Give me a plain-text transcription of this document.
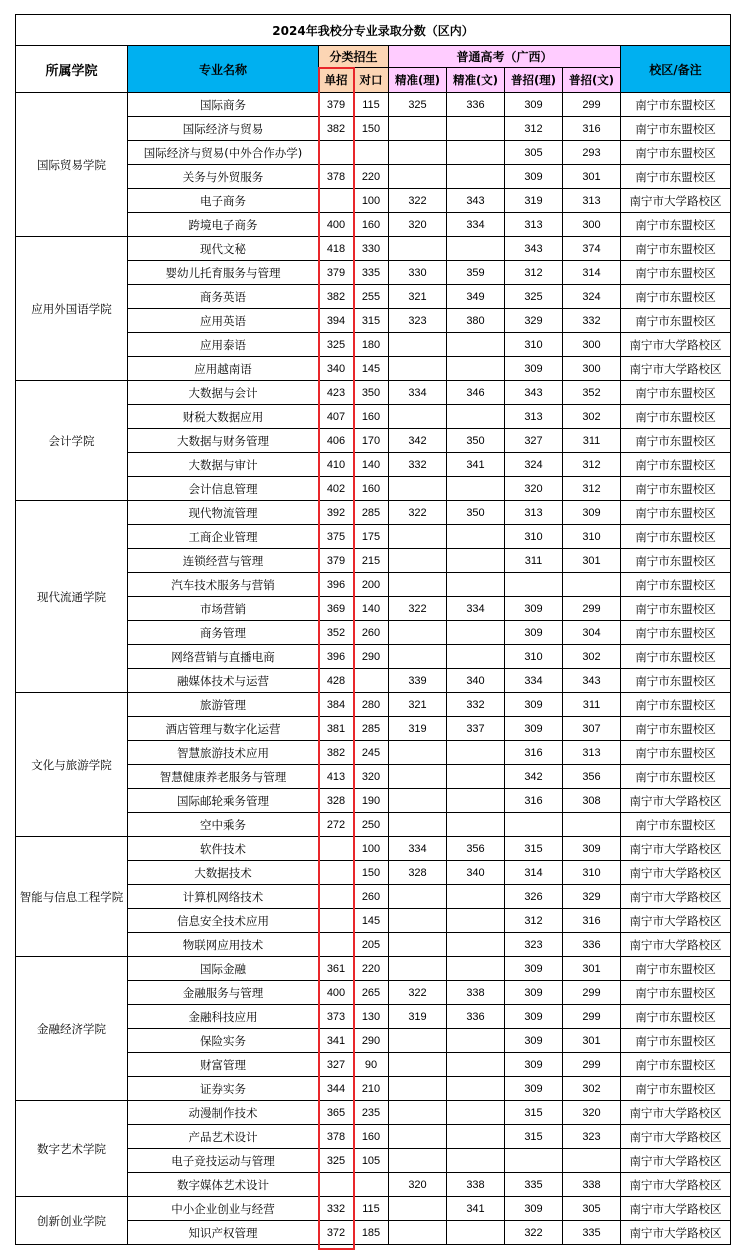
2024年我校分专业录取分数（区内）								
所属学院	专业名称	分类招生		普通高考（广西）				校区/备注
		单招	对口	精准(理)	精准(文)	普招(理)	普招(文)	
国际贸易学院	国际商务	379	115	325	336	309	299	南宁市东盟校区
	国际经济与贸易	382	150			312	316	南宁市东盟校区
	国际经济与贸易(中外合作办学)					305	293	南宁市东盟校区
	关务与外贸服务	378	220			309	301	南宁市东盟校区
	电子商务		100	322	343	319	313	南宁市大学路校区
	跨境电子商务	400	160	320	334	313	300	南宁市东盟校区
应用外国语学院	现代文秘	418	330			343	374	南宁市东盟校区
	婴幼儿托育服务与管理	379	335	330	359	312	314	南宁市东盟校区
	商务英语	382	255	321	349	325	324	南宁市东盟校区
	应用英语	394	315	323	380	329	332	南宁市东盟校区
	应用泰语	325	180			310	300	南宁市大学路校区
	应用越南语	340	145			309	300	南宁市大学路校区
会计学院	大数据与会计	423	350	334	346	343	352	南宁市东盟校区
	财税大数据应用	407	160			313	302	南宁市东盟校区
	大数据与财务管理	406	170	342	350	327	311	南宁市东盟校区
	大数据与审计	410	140	332	341	324	312	南宁市东盟校区
	会计信息管理	402	160			320	312	南宁市东盟校区
现代流通学院	现代物流管理	392	285	322	350	313	309	南宁市东盟校区
	工商企业管理	375	175			310	310	南宁市东盟校区
	连锁经营与管理	379	215			311	301	南宁市东盟校区
	汽车技术服务与营销	396	200					南宁市东盟校区
	市场营销	369	140	322	334	309	299	南宁市东盟校区
	商务管理	352	260			309	304	南宁市东盟校区
	网络营销与直播电商	396	290			310	302	南宁市东盟校区
	融媒体技术与运营	428		339	340	334	343	南宁市东盟校区
文化与旅游学院	旅游管理	384	280	321	332	309	311	南宁市东盟校区
	酒店管理与数字化运营	381	285	319	337	309	307	南宁市东盟校区
	智慧旅游技术应用	382	245			316	313	南宁市东盟校区
	智慧健康养老服务与管理	413	320			342	356	南宁市东盟校区
	国际邮轮乘务管理	328	190			316	308	南宁市大学路校区
	空中乘务	272	250					南宁市东盟校区
智能与信息工程学院	软件技术		100	334	356	315	309	南宁市大学路校区
	大数据技术		150	328	340	314	310	南宁市大学路校区
	计算机网络技术		260			326	329	南宁市大学路校区
	信息安全技术应用		145			312	316	南宁市大学路校区
	物联网应用技术		205			323	336	南宁市大学路校区
金融经济学院	国际金融	361	220			309	301	南宁市东盟校区
	金融服务与管理	400	265	322	338	309	299	南宁市东盟校区
	金融科技应用	373	130	319	336	309	299	南宁市东盟校区
	保险实务	341	290			309	301	南宁市东盟校区
	财富管理	327	90			309	299	南宁市东盟校区
	证券实务	344	210			309	302	南宁市东盟校区
数字艺术学院	动漫制作技术	365	235			315	320	南宁市大学路校区
	产品艺术设计	378	160			315	323	南宁市大学路校区
	电子竞技运动与管理	325	105					南宁市大学路校区
	数字媒体艺术设计			320	338	335	338	南宁市大学路校区
创新创业学院	中小企业创业与经营	332	115		341	309	305	南宁市大学路校区
	知识产权管理	372	185			322	335	南宁市大学路校区
